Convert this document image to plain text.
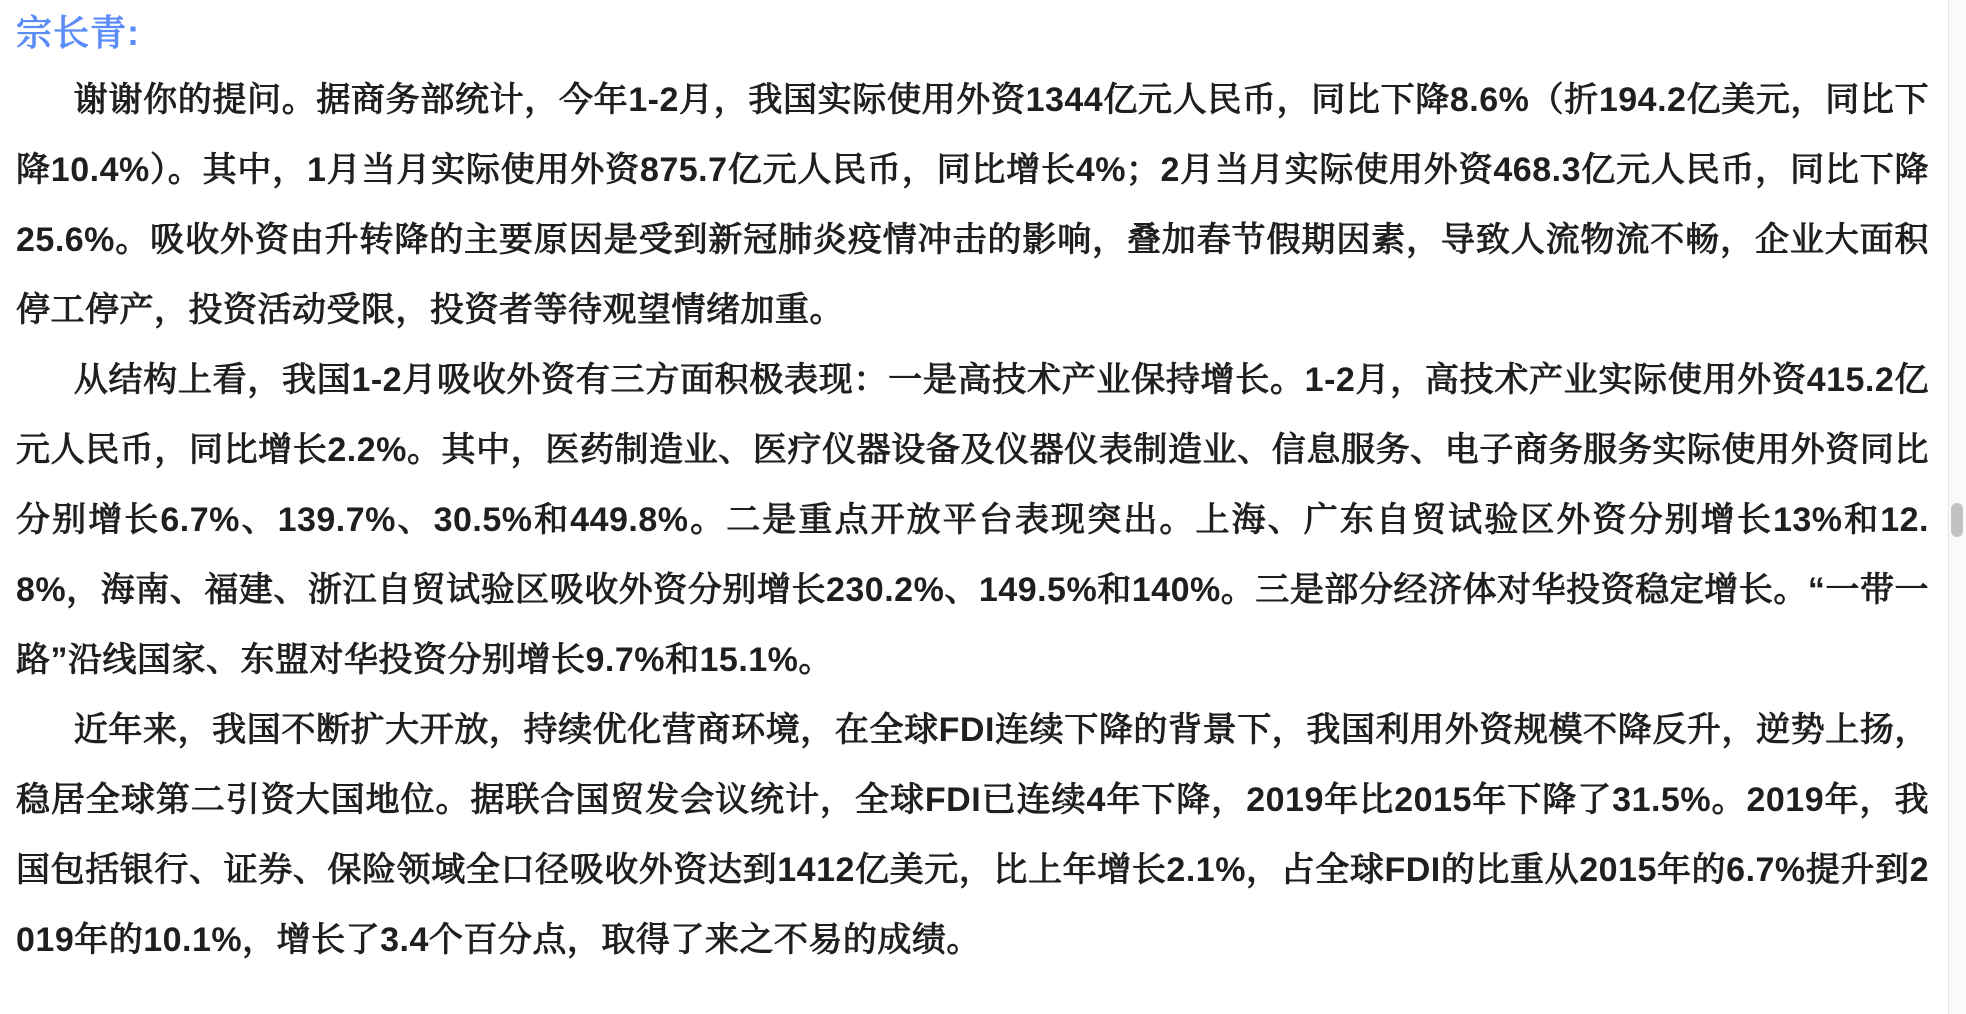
宗长青:

谢谢你的提问。据商务部统计，今年1-2月，我国实际使用外资1344亿元人民币，同比下降8.6%（折194.2亿美元，同比下降10.4%）。其中，1月当月实际使用外资875.7亿元人民币，同比增长4%；2月当月实际使用外资468.3亿元人民币，同比下降25.6%。吸收外资由升转降的主要原因是受到新冠肺炎疫情冲击的影响，叠加春节假期因素，导致人流物流不畅，企业大面积停工停产，投资活动受限，投资者等待观望情绪加重。

从结构上看，我国1-2月吸收外资有三方面积极表现：一是高技术产业保持增长。1-2月，高技术产业实际使用外资415.2亿元人民币，同比增长2.2%。其中，医药制造业、医疗仪器设备及仪器仪表制造业、信息服务、电子商务服务实际使用外资同比分别增长6.7%、139.7%、30.5%和449.8%。二是重点开放平台表现突出。上海、广东自贸试验区外资分别增长13%和12.8%，海南、福建、浙江自贸试验区吸收外资分别增长230.2%、149.5%和140%。三是部分经济体对华投资稳定增长。“一带一路”沿线国家、东盟对华投资分别增长9.7%和15.1%。

近年来，我国不断扩大开放，持续优化营商环境，在全球FDI连续下降的背景下，我国利用外资规模不降反升，逆势上扬，稳居全球第二引资大国地位。据联合国贸发会议统计，全球FDI已连续4年下降，2019年比2015年下降了31.5%。2019年，我国包括银行、证券、保险领域全口径吸收外资达到1412亿美元，比上年增长2.1%，占全球FDI的比重从2015年的6.7%提升到2019年的10.1%，增长了3.4个百分点，取得了来之不易的成绩。
